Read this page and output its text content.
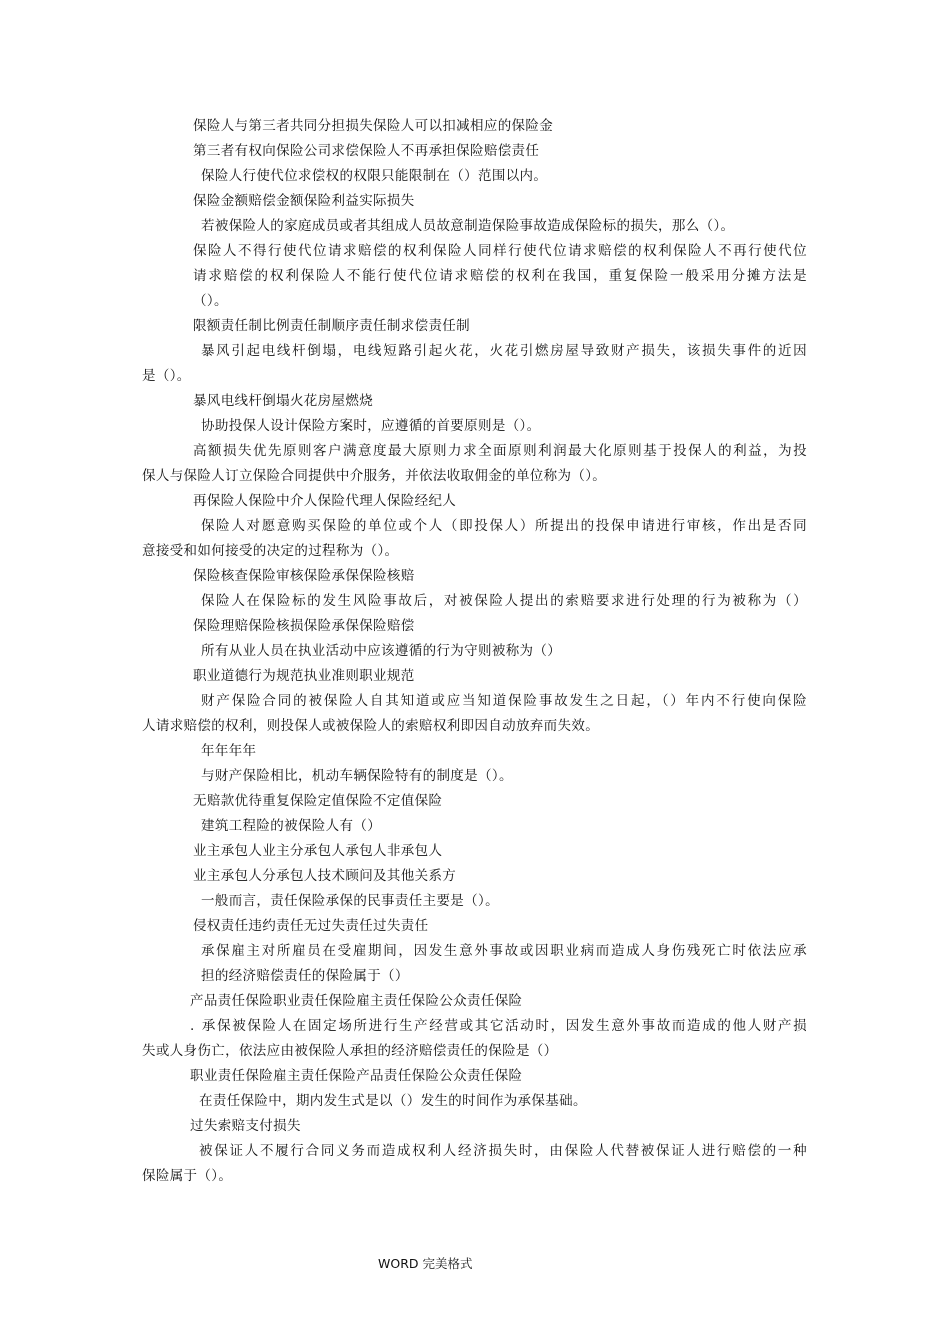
保险人与第三者共同分担损失保险人可以扣减相应的保险金
第三者有权向保险公司求偿保险人不再承担保险赔偿责任
保险人行使代位求偿权的权限只能限制在（）范围以内。
保险金额赔偿金额保险利益实际损失
若被保险人的家庭成员或者其组成人员故意制造保险事故造成保险标的损失，那么（）。
保险人不得行使代位请求赔偿的权利保险人同样行使代位请求赔偿的权利保险人不再行使代位
请求赔偿的权利保险人不能行使代位请求赔偿的权利在我国，重复保险一般采用分摊方法是
（）。
限额责任制比例责任制顺序责任制求偿责任制
暴风引起电线杆倒塌，电线短路引起火花，火花引燃房屋导致财产损失，该损失事件的近因
是（）。
暴风电线杆倒塌火花房屋燃烧
协助投保人设计保险方案时，应遵循的首要原则是（）。
高额损失优先原则客户满意度最大原则力求全面原则利润最大化原则基于投保人的利益，为投
保人与保险人订立保险合同提供中介服务，并依法收取佣金的单位称为（）。
再保险人保险中介人保险代理人保险经纪人
保险人对愿意购买保险的单位或个人（即投保人）所提出的投保申请进行审核，作出是否同
意接受和如何接受的决定的过程称为（）。
保险核查保险审核保险承保保险核赔
保险人在保险标的发生风险事故后，对被保险人提出的索赔要求进行处理的行为被称为（）
保险理赔保险核损保险承保保险赔偿
所有从业人员在执业活动中应该遵循的行为守则被称为（）
职业道德行为规范执业准则职业规范
财产保险合同的被保险人自其知道或应当知道保险事故发生之日起，（）年内不行使向保险
人请求赔偿的权利，则投保人或被保险人的索赔权利即因自动放弃而失效。
年年年年
与财产保险相比，机动车辆保险特有的制度是（）。
无赔款优待重复保险定值保险不定值保险
建筑工程险的被保险人有（）
业主承包人业主分承包人承包人非承包人
业主承包人分承包人技术顾问及其他关系方
一般而言，责任保险承保的民事责任主要是（）。
侵权责任违约责任无过失责任过失责任
承保雇主对所雇员在受雇期间，因发生意外事故或因职业病而造成人身伤残死亡时依法应承
担的经济赔偿责任的保险属于（）
产品责任保险职业责任保险雇主责任保险公众责任保险
. 承保被保险人在固定场所进行生产经营或其它活动时，因发生意外事故而造成的他人财产损
失或人身伤亡，依法应由被保险人承担的经济赔偿责任的保险是（）
职业责任保险雇主责任保险产品责任保险公众责任保险
在责任保险中，期内发生式是以（）发生的时间作为承保基础。
过失索赔支付损失
被保证人不履行合同义务而造成权利人经济损失时，由保险人代替被保证人进行赔偿的一种
保险属于（）。
WORD 完美格式
